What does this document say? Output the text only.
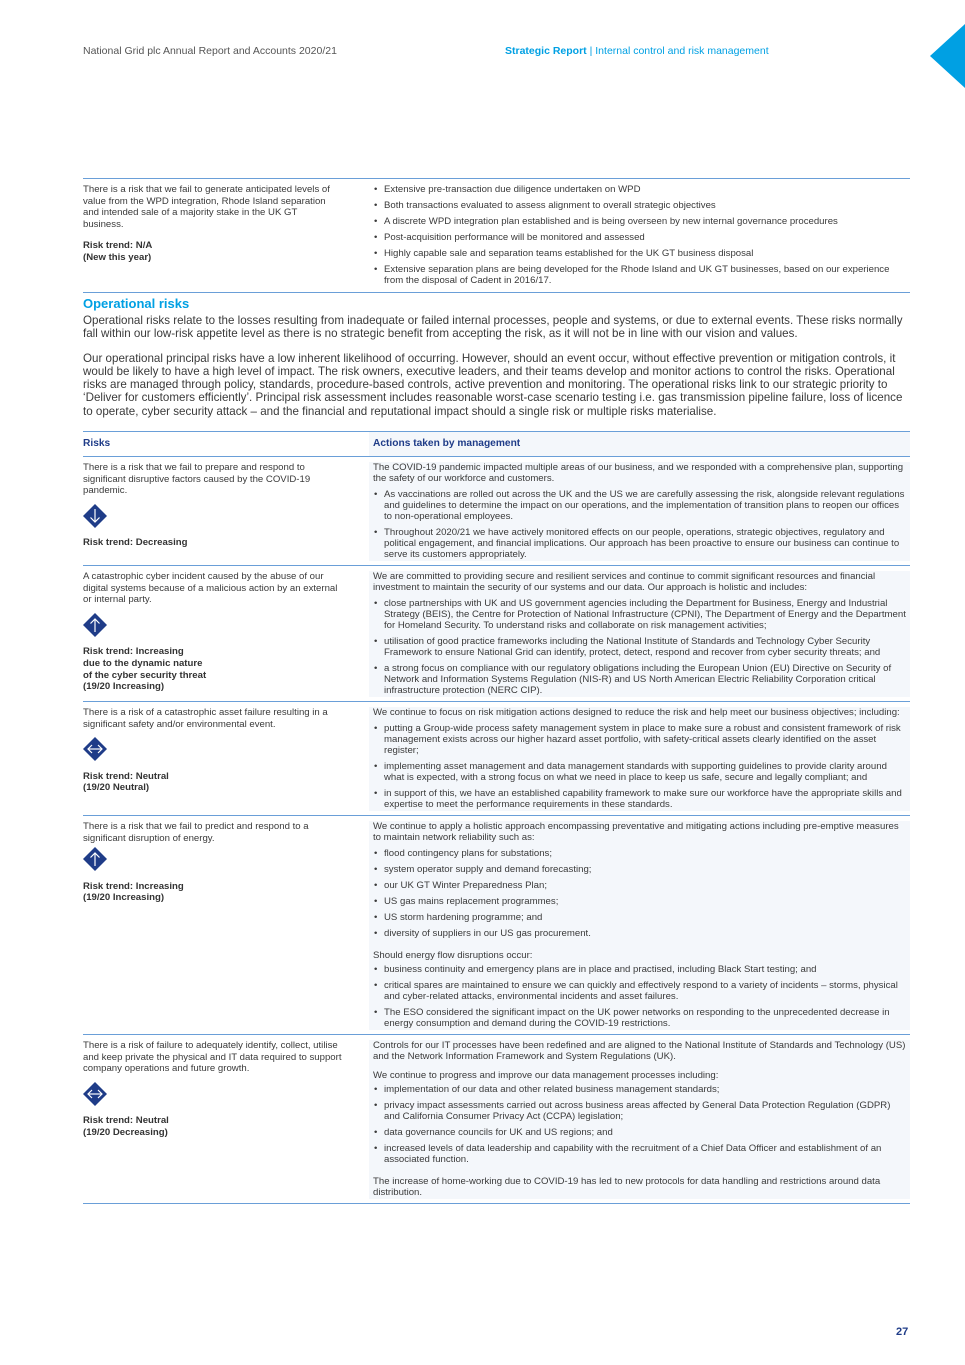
National Grid plc Annual Report and Accounts 2020/21	Strategic Report | Internal control and risk management
There is a risk that we fail to generate anticipated levels of value from the WPD integration, Rhode Island separation and intended sale of a majority stake in the UK GT business.
Risk trend: N/A
(New this year)
• Extensive pre-transaction due diligence undertaken on WPD
• Both transactions evaluated to assess alignment to overall strategic objectives
• A discrete WPD integration plan established and is being overseen by new internal governance procedures
• Post-acquisition performance will be monitored and assessed
• Highly capable sale and separation teams established for the UK GT business disposal
• Extensive separation plans are being developed for the Rhode Island and UK GT businesses, based on our experience from the disposal of Cadent in 2016/17.
Operational risks

Operational risks relate to the losses resulting from inadequate or failed internal processes, people and systems, or due to external events. These risks normally fall within our low-risk appetite level as there is no strategic benefit from accepting the risk, as it will not be in line with our vision and values.

Our operational principal risks have a low inherent likelihood of occurring. However, should an event occur, without effective prevention or mitigation controls, it would be likely to have a high level of impact. The risk owners, executive leaders, and their teams develop and monitor actions to control the risks. Operational risks are managed through policy, standards, procedure-based controls, active prevention and monitoring. The operational risks link to our strategic priority to ‘Deliver for customers efficiently’. Principal risk assessment includes reasonable worst-case scenario testing i.e. gas transmission pipeline failure, loss of licence to operate, cyber security attack – and the financial and reputational impact should a single risk or multiple risks materialise.

Risks	Actions taken by management
There is a risk that we fail to prepare and respond to significant disruptive factors caused by the COVID-19 pandemic.
Risk trend: Decreasing

The COVID-19 pandemic impacted multiple areas of our business, and we responded with a comprehensive plan, supporting the safety of our workforce and customers.

• As vaccinations are rolled out across the UK and the US we are carefully assessing the risk, alongside relevant regulations and guidelines to determine the impact on our operations, and the implementation of transition plans to reopen our offices to non-operational employees.
• Throughout 2020/21 we have actively monitored effects on our people, operations, strategic objectives, regulatory and political engagement, and financial implications. Our approach has been proactive to ensure our business can continue to serve its customers appropriately.
A catastrophic cyber incident caused by the abuse of our digital systems because of a malicious action by an external or internal party.
Risk trend: Increasing
due to the dynamic nature
of the cyber security threat
(19/20 Increasing)

We are committed to providing secure and resilient services and continue to commit significant resources and financial investment to maintain the security of our systems and our data. Our approach is holistic and includes:

• close partnerships with UK and US government agencies including the Department for Business, Energy and Industrial Strategy (BEIS), the Centre for Protection of National Infrastructure (CPNI), The Department of Energy and the Department for Homeland Security. To understand risks and collaborate on risk management activities;
• utilisation of good practice frameworks including the National Institute of Standards and Technology Cyber Security Framework to ensure National Grid can identify, protect, detect, respond and recover from cyber security threats; and
• a strong focus on compliance with our regulatory obligations including the European Union (EU) Directive on Security of Network and Information Systems Regulation (NIS-R) and US North American Electric Reliability Corporation critical infrastructure protection (NERC CIP).
There is a risk of a catastrophic asset failure resulting in a significant safety and/or environmental event.
Risk trend: Neutral
(19/20 Neutral)

We continue to focus on risk mitigation actions designed to reduce the risk and help meet our business objectives; including:

• putting a Group-wide process safety management system in place to make sure a robust and consistent framework of risk management exists across our higher hazard asset portfolio, with safety-critical assets clearly identified on the asset register;
• implementing asset management and data management standards with supporting guidelines to provide clarity around what is expected, with a strong focus on what we need in place to keep us safe, secure and legally compliant; and
• in support of this, we have an established capability framework to make sure our workforce have the appropriate skills and expertise to meet the performance requirements in these standards.
There is a risk that we fail to predict and respond to a significant disruption of energy.
Risk trend: Increasing
(19/20 Increasing)

We continue to apply a holistic approach encompassing preventative and mitigating actions including pre-emptive measures to maintain network reliability such as:

• flood contingency plans for substations;
• system operator supply and demand forecasting;
• our UK GT Winter Preparedness Plan;
• US gas mains replacement programmes;
• US storm hardening programme; and
• diversity of suppliers in our US gas procurement.

Should energy flow disruptions occur:

• business continuity and emergency plans are in place and practised, including Black Start testing; and
• critical spares are maintained to ensure we can quickly and effectively respond to a variety of incidents – storms, physical and cyber-related attacks, environmental incidents and asset failures.
• The ESO considered the significant impact on the UK power networks on responding to the unprecedented decrease in energy consumption and demand during the COVID-19 restrictions.
There is a risk of failure to adequately identify, collect, utilise and keep private the physical and IT data required to support company operations and future growth.
Risk trend: Neutral
(19/20 Decreasing)

Controls for our IT processes have been redefined and are aligned to the National Institute of Standards and Technology (US) and the Network Information Framework and System Regulations (UK).

We continue to progress and improve our data management processes including:

• implementation of our data and other related business management standards;
• privacy impact assessments carried out across business areas affected by General Data Protection Regulation (GDPR) and California Consumer Privacy Act (CCPA) legislation;
• data governance councils for UK and US regions; and
• increased levels of data leadership and capability with the recruitment of a Chief Data Officer and establishment of an associated function.

The increase of home-working due to COVID-19 has led to new protocols for data handling and restrictions around data distribution.

27
